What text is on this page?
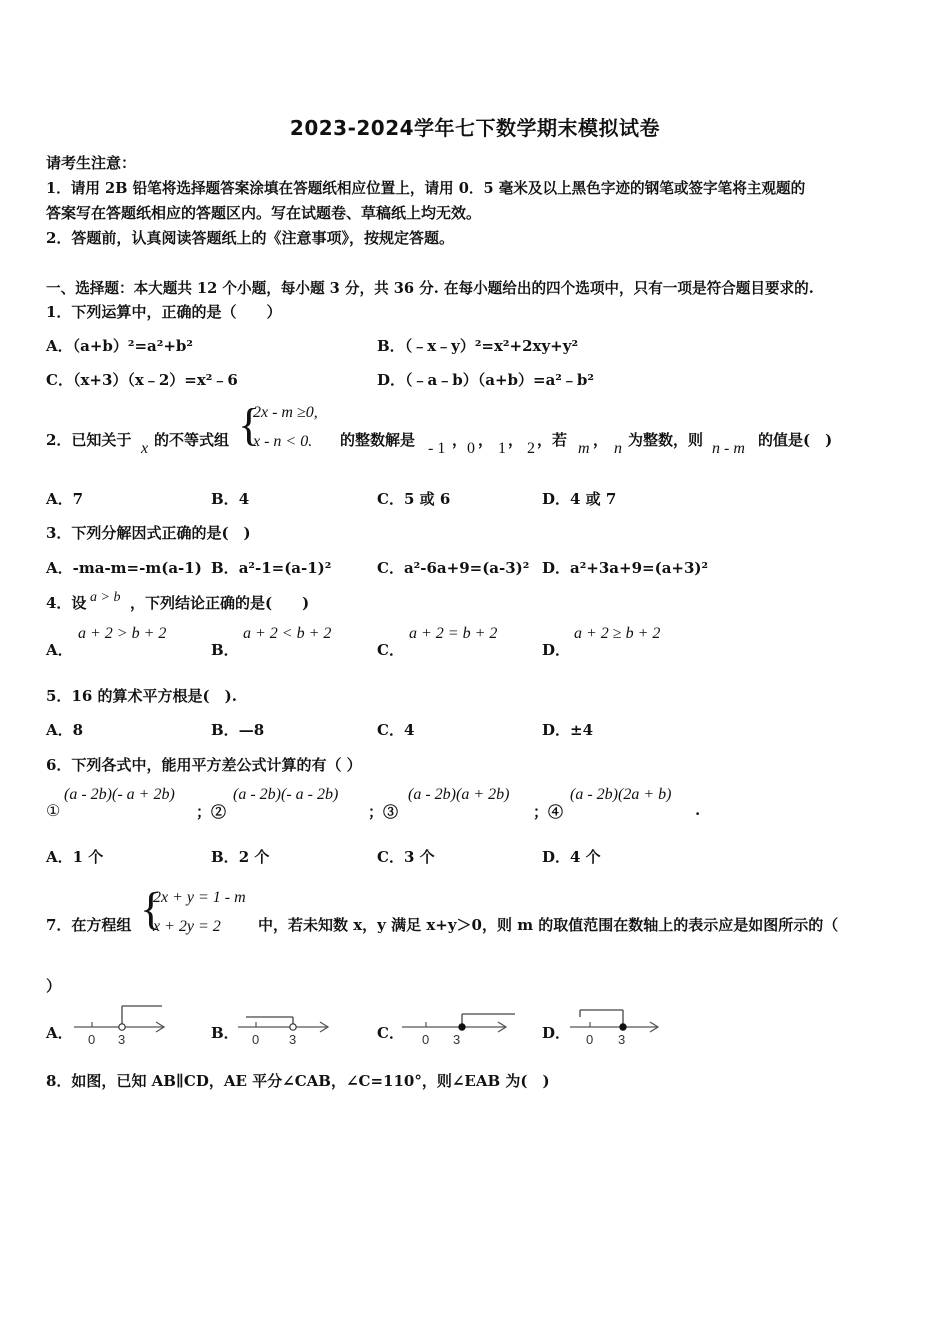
2023-2024学年七下数学期末模拟试卷
请考生注意：
1．请用 2B 铅笔将选择题答案涂填在答题纸相应位置上，请用 0．5 毫米及以上黑色字迹的钢笔或签字笔将主观题的
答案写在答题纸相应的答题区内。写在试题卷、草稿纸上均无效。
2．答题前，认真阅读答题纸上的《注意事项》，按规定答题。
一、选择题：本大题共 12 个小题，每小题 3 分，共 36 分. 在每小题给出的四个选项中，只有一项是符合题目要求的.
1．下列运算中，正确的是（　　）
A．（a+b）²=a²+b²	B．（﹣x﹣y）²=x²+2xy+y²
C．（x+3）（x﹣2）=x²﹣6	D．（﹣a﹣b）（a+b）=a²﹣b²
2．已知关于 x 的不等式组 {
2x - m ≥0,
x - n < 0. 的整数解是 - 1 ， 0 ， 1 ， 2 ，若 m ， n 为整数，则 n - m 的值是(　)
A．7	B．4	C．5 或 6	D．4 或 7
3．下列分解因式正确的是(　)
A．-ma-m=-m(a-1) B．a²-1=(a-1)²	C．a²-6a+9=(a-3)² D．a²+3a+9=(a+3)²
4．设 a > b ，下列结论正确的是(　　)
A．
a + 2 > b + 2
B．
a + 2 < b + 2
C．
a + 2 = b + 2
D．
a + 2 ≥ b + 2
5．16 的算术平方根是(　).
A．8	B．—8	C．4	D．±4
6．下列各式中，能用平方差公式计算的有（ ）
①
(a - 2b)(- a + 2b)
；②
(a - 2b)(- a - 2b)
；③
(a - 2b)(a + 2b)
；④
(a - 2b)(2a + b)
.
A．1 个	B．2 个	C．3 个	D．4 个
7．在方程组 {
2x + y = 1 - m
x + 2y = 2 中，若未知数 x，y 满足 x+y＞0，则 m 的取值范围在数轴上的表示应是如图所示的（
）
A．	B．	C．	D．
0 3	0 3	0 3	0 3
8．如图，已知 AB∥CD，AE 平分∠CAB，∠C=110°，则∠EAB 为(　)
